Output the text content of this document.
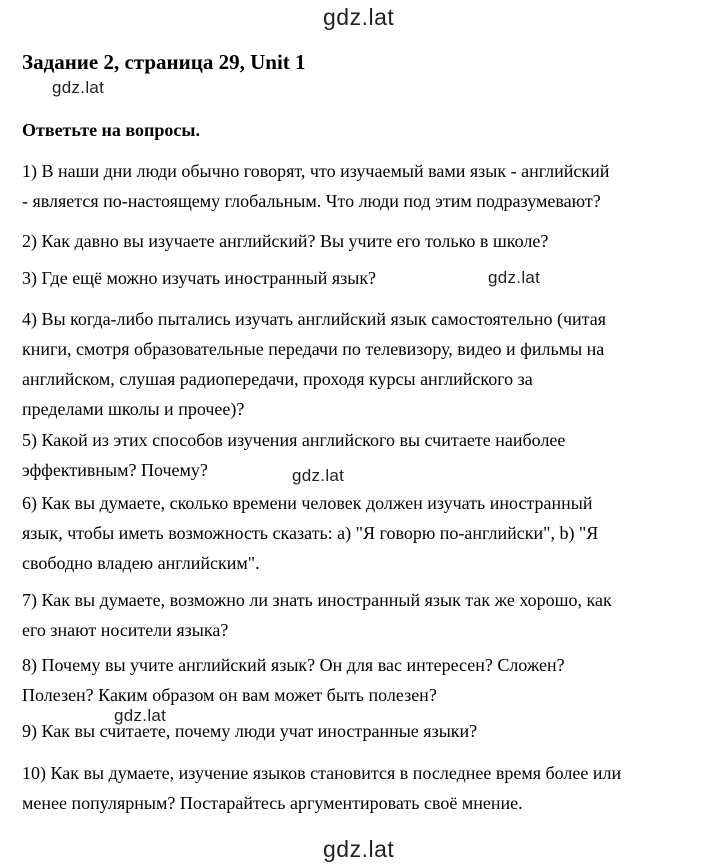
gdz.lat
gdz.lat
gdz.lat
gdz.lat
gdz.lat
gdz.lat
Задание 2, страница 29, Unit 1
Ответьте на вопросы.
1) В наши дни люди обычно говорят, что изучаемый вами язык - английский
- является по-настоящему глобальным. Что люди под этим подразумевают?
2) Как давно вы изучаете английский? Вы учите его только в школе?
3) Где ещё можно изучать иностранный язык?
4) Вы когда-либо пытались изучать английский язык самостоятельно (читая
книги, смотря образовательные передачи по телевизору, видео и фильмы на
английском, слушая радиопередачи, проходя курсы английского за
пределами школы и прочее)?
5) Какой из этих способов изучения английского вы считаете наиболее
эффективным? Почему?
6) Как вы думаете, сколько времени человек должен изучать иностранный
язык, чтобы иметь возможность сказать: a) "Я говорю по-английски", b) "Я
свободно владею английским".
7) Как вы думаете, возможно ли знать иностранный язык так же хорошо, как
его знают носители языка?
8) Почему вы учите английский язык? Он для вас интересен? Сложен?
Полезен? Каким образом он вам может быть полезен?
9) Как вы считаете, почему люди учат иностранные языки?
10) Как вы думаете, изучение языков становится в последнее время более или
менее популярным? Постарайтесь аргументировать своё мнение.
